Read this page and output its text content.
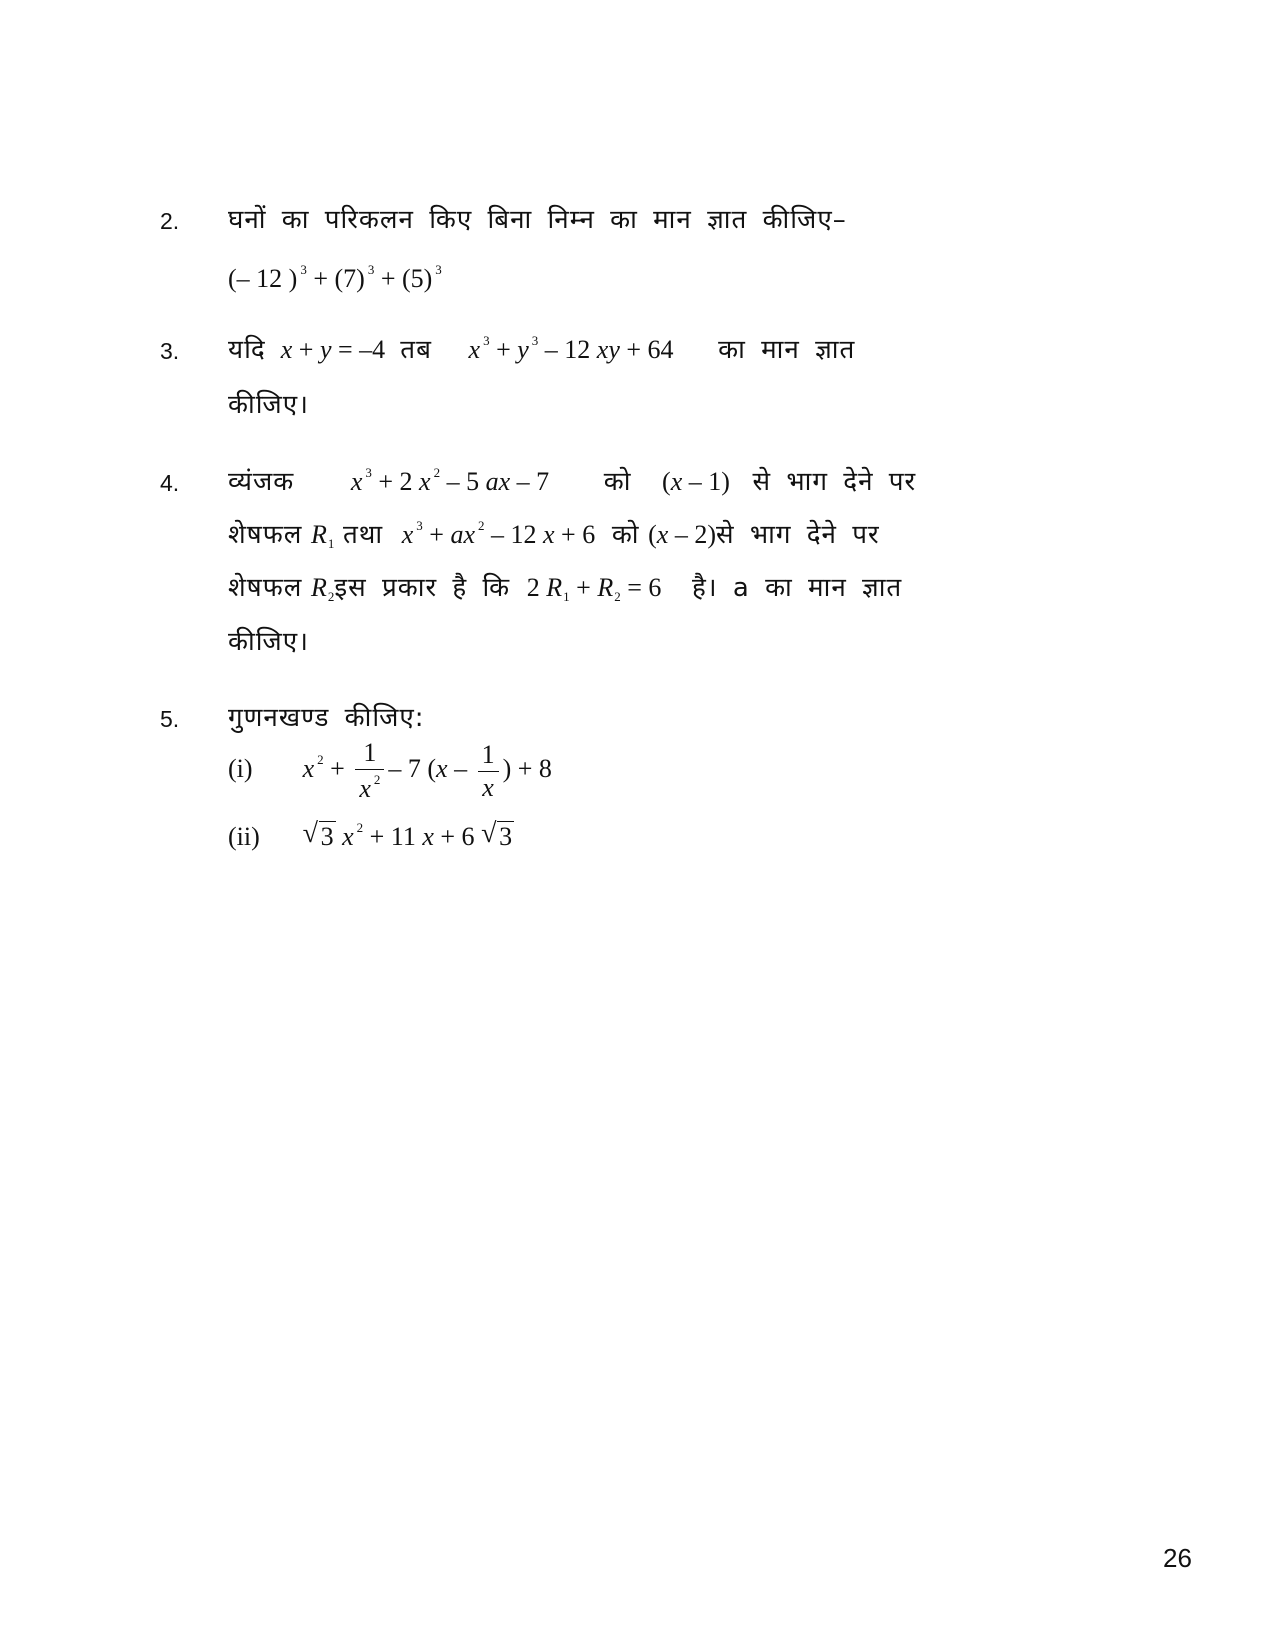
2. घनों का परिकलन किए बिना निम्न का मान ज्ञात कीजिए–
(– 12 ) $^3$ + (7) $^3$ + (5) $^3$
3. यदि x + y = –4  तब x $^3$ + y $^3$ – 12 xy + 64 का मान ज्ञात
कीजिए।
4. व्यंजक x $^3$ + 2 x $^2$ – 5 ax – 7 को (x – 1) से भाग देने पर
शेषफल $R_1$ तथा x $^3$ + ax $^2$ – 12 x + 6 को (x – 2)से भाग देने पर
शेषफल $R_2इस$ प्रकार है कि 2 $R_1 + R_2 = 6$ है। a का मान ज्ञात
कीजिए।
5. गुणनखण्ड कीजिए:
(i) x $^2 + \frac{1}{x ^2} - 7$ ($x - \frac{1}{x}$ ) + 8
(ii) √ 3 x $^2$ + 11 x + 6 √ 3
26
